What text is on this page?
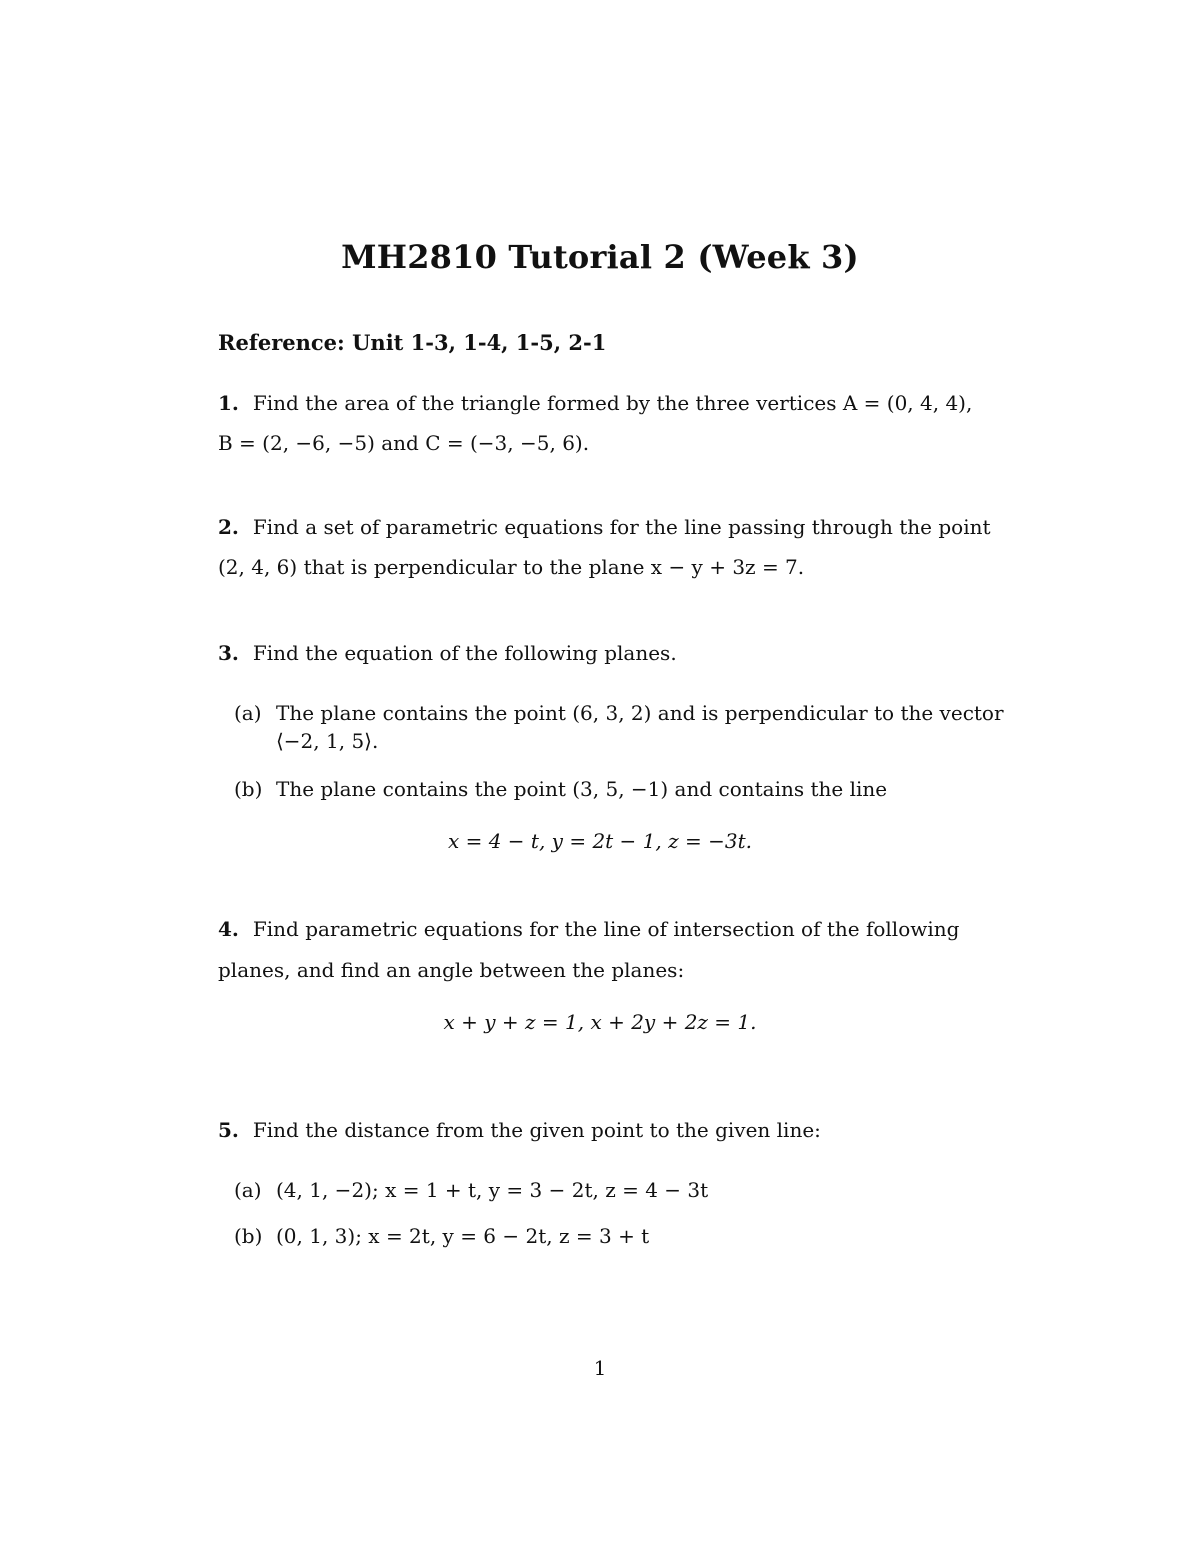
MH2810 Tutorial 2 (Week 3)
Reference: Unit 1-3, 1-4, 1-5, 2-1
1. Find the area of the triangle formed by the three vertices A = (0, 4, 4),
B = (2, −6, −5) and C = (−3, −5, 6).
2. Find a set of parametric equations for the line passing through the point
(2, 4, 6) that is perpendicular to the plane x − y + 3z = 7.
3. Find the equation of the following planes.
(a) The plane contains the point (6, 3, 2) and is perpendicular to the vector
⟨−2, 1, 5⟩.
(b) The plane contains the point (3, 5, −1) and contains the line
x = 4 − t, y = 2t − 1, z = −3t.
4. Find parametric equations for the line of intersection of the following
planes, and find an angle between the planes:
x + y + z = 1, x + 2y + 2z = 1.
5. Find the distance from the given point to the given line:
(a) (4, 1, −2); x = 1 + t, y = 3 − 2t, z = 4 − 3t
(b) (0, 1, 3); x = 2t, y = 6 − 2t, z = 3 + t
1
